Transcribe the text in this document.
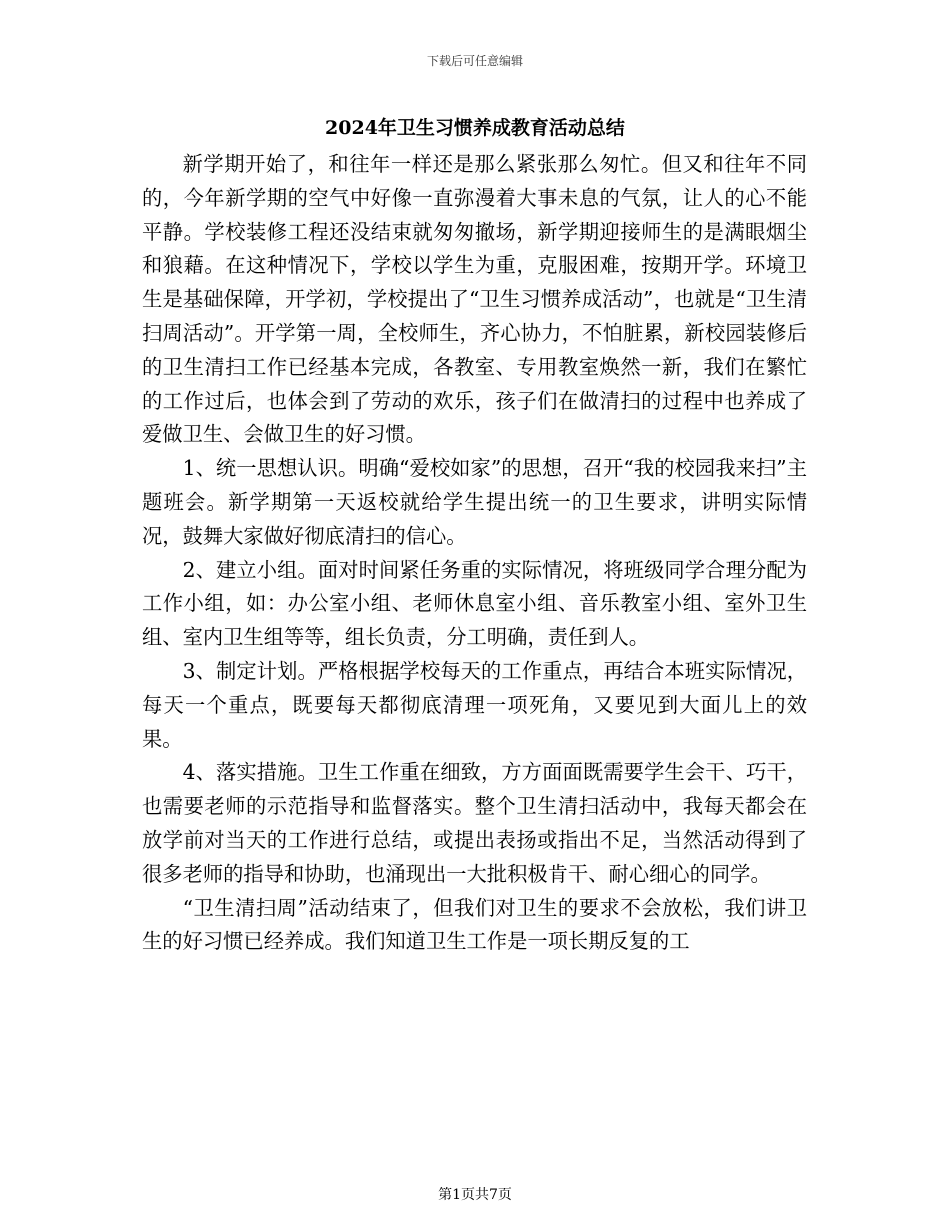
下载后可任意编辑
2024年卫生习惯养成教育活动总结

新学期开始了，和往年一样还是那么紧张那么匆忙。但又和往年不同的，今年新学期的空气中好像一直弥漫着大事未息的气氛，让人的心不能平静。学校装修工程还没结束就匆匆撤场，新学期迎接师生的是满眼烟尘和狼藉。在这种情况下，学校以学生为重，克服困难，按期开学。环境卫生是基础保障，开学初，学校提出了“卫生习惯养成活动”，也就是“卫生清扫周活动”。开学第一周，全校师生，齐心协力，不怕脏累，新校园装修后的卫生清扫工作已经基本完成，各教室、专用教室焕然一新，我们在繁忙的工作过后，也体会到了劳动的欢乐，孩子们在做清扫的过程中也养成了爱做卫生、会做卫生的好习惯。

1、统一思想认识。明确“爱校如家”的思想，召开“我的校园我来扫”主题班会。新学期第一天返校就给学生提出统一的卫生要求，讲明实际情况，鼓舞大家做好彻底清扫的信心。

2、建立小组。面对时间紧任务重的实际情况，将班级同学合理分配为工作小组，如：办公室小组、老师休息室小组、音乐教室小组、室外卫生组、室内卫生组等等，组长负责，分工明确，责任到人。

3、制定计划。严格根据学校每天的工作重点，再结合本班实际情况，每天一个重点，既要每天都彻底清理一项死角，又要见到大面儿上的效果。

4、落实措施。卫生工作重在细致，方方面面既需要学生会干、巧干，也需要老师的示范指导和监督落实。整个卫生清扫活动中，我每天都会在放学前对当天的工作进行总结，或提出表扬或指出不足，当然活动得到了很多老师的指导和协助，也涌现出一大批积极肯干、耐心细心的同学。

“卫生清扫周”活动结束了，但我们对卫生的要求不会放松，我们讲卫生的好习惯已经养成。我们知道卫生工作是一项长期反复的工

第1页共7页
